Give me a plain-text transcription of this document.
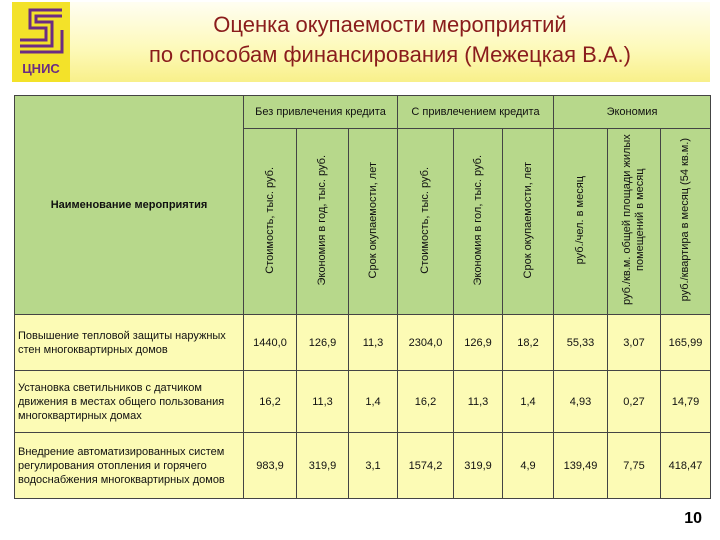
ЦНИС
Оценка окупаемости мероприятий
по способам финансирования (Межецкая В.А.)
Наименование мероприятия	Без привлечения кредита			С привлечением кредита			Экономия		
	Стоимость, тыс. руб.	Экономия в год, тыс. руб.	Срок окупаемости, лет	Стоимость, тыс. руб.	Экономия в гол, тыс. руб.	Срок окупаемости, лет	руб./чел. в месяц	руб./кв.м. общей площади жилых помещений в месяц	руб./квартира в месяц (54 кв.м.)
Повышение тепловой защиты наружных стен многоквартирных домов	1440,0	126,9	11,3	2304,0	126,9	18,2	55,33	3,07	165,99
Установка светильников с датчиком движения в местах общего пользования многоквартирных домах	16,2	11,3	1,4	16,2	11,3	1,4	4,93	0,27	14,79
Внедрение автоматизированных систем регулирования отопления и горячего водоснабжения многоквартирных домов	983,9	319,9	3,1	1574,2	319,9	4,9	139,49	7,75	418,47
10
